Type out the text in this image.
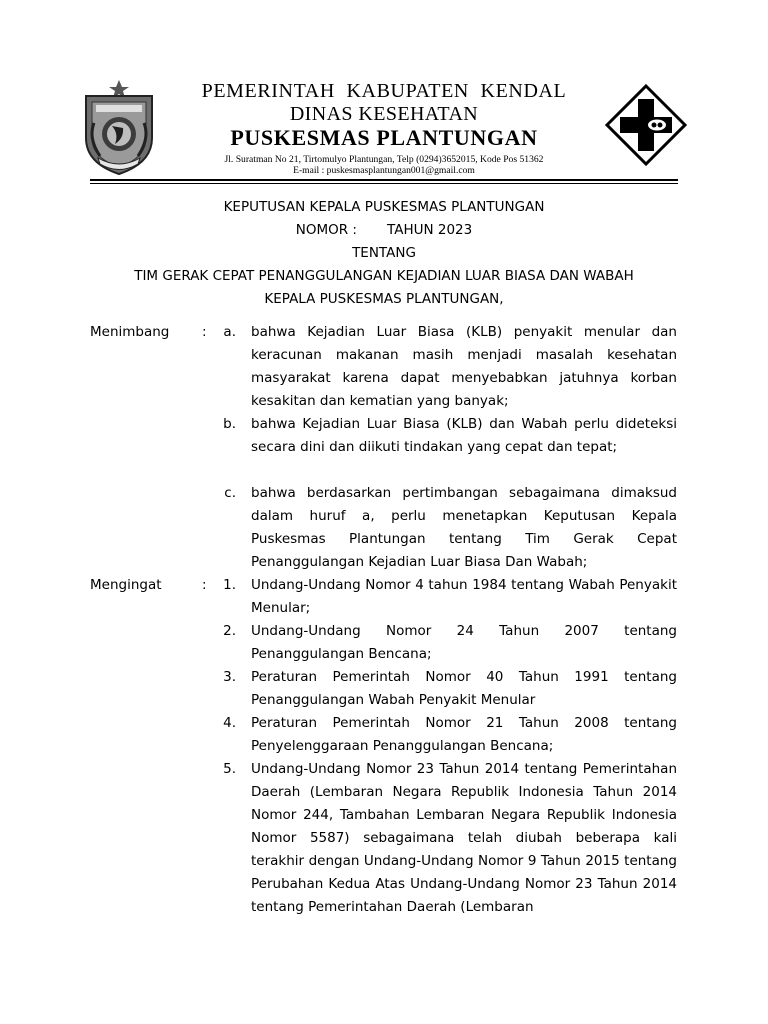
PEMERINTAH KABUPATEN KENDAL
DINAS KESEHATAN
PUSKESMAS PLANTUNGAN
Jl. Suratman No 21, Tirtomulyo Plantungan, Telp (0294)3652015, Kode Pos 51362
E-mail : puskesmasplantungan001@gmail.com
KEPUTUSAN KEPALA PUSKESMAS PLANTUNGAN
NOMOR :       TAHUN 2023
TENTANG
TIM GERAK CEPAT PENANGGULANGAN KEJADIAN LUAR BIASA DAN WABAH
KEPALA PUSKESMAS PLANTUNGAN,
Menimbang :	a. bahwa Kejadian Luar Biasa (KLB) penyakit menular dan keracunan makanan masih menjadi masalah kesehatan masyarakat karena dapat menyebabkan jatuhnya korban kesakitan dan kematian yang banyak;
b. bahwa Kejadian Luar Biasa (KLB) dan Wabah perlu dideteksi secara dini dan diikuti tindakan yang cepat dan tepat;
c. bahwa berdasarkan pertimbangan sebagaimana dimaksud dalam huruf a, perlu menetapkan Keputusan Kepala Puskesmas Plantungan tentang Tim Gerak Cepat Penanggulangan Kejadian Luar Biasa Dan Wabah;
Mengingat	:	1. Undang-Undang Nomor 4 tahun 1984 tentang Wabah Penyakit Menular;
2. Undang-Undang Nomor 24 Tahun 2007 tentang Penanggulangan Bencana;
3. Peraturan Pemerintah Nomor 40 Tahun 1991 tentang Penanggulangan Wabah Penyakit Menular
4. Peraturan Pemerintah Nomor 21 Tahun 2008 tentang Penyelenggaraan Penanggulangan Bencana;
5. Undang-Undang Nomor 23 Tahun 2014 tentang Pemerintahan Daerah (Lembaran Negara Republik Indonesia Tahun 2014 Nomor 244, Tambahan Lembaran Negara Republik Indonesia Nomor 5587) sebagaimana telah diubah beberapa kali terakhir dengan Undang-Undang Nomor 9 Tahun 2015 tentang Perubahan Kedua Atas Undang-Undang Nomor 23 Tahun 2014 tentang Pemerintahan Daerah (Lembaran
